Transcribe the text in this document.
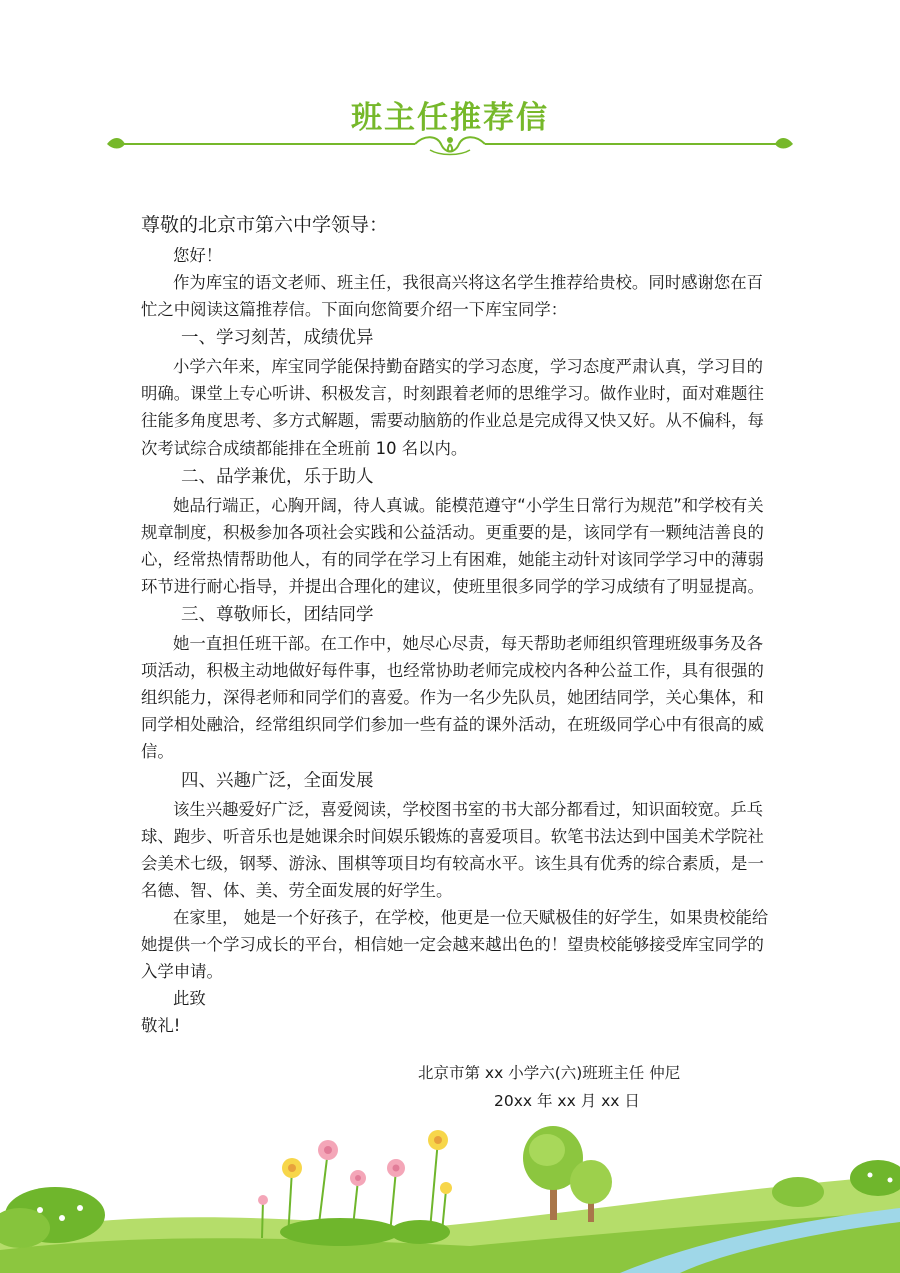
班主任推荐信

尊敬的北京市第六中学领导：

您好！

作为库宝的语文老师、班主任，我很高兴将这名学生推荐给贵校。同时感谢您在百忙之中阅读这篇推荐信。下面向您简要介绍一下库宝同学：

一、学习刻苦，成绩优异

小学六年来，库宝同学能保持勤奋踏实的学习态度，学习态度严肃认真，学习目的明确。课堂上专心听讲、积极发言，时刻跟着老师的思维学习。做作业时，面对难题往往能多角度思考、多方式解题，需要动脑筋的作业总是完成得又快又好。从不偏科，每次考试综合成绩都能排在全班前 10 名以内。

二、品学兼优，乐于助人

她品行端正，心胸开阔，待人真诚。能模范遵守“小学生日常行为规范”和学校有关规章制度，积极参加各项社会实践和公益活动。更重要的是，该同学有一颗纯洁善良的心，经常热情帮助他人，有的同学在学习上有困难，她能主动针对该同学学习中的薄弱环节进行耐心指导，并提出合理化的建议，使班里很多同学的学习成绩有了明显提高。

三、尊敬师长，团结同学

她一直担任班干部。在工作中，她尽心尽责，每天帮助老师组织管理班级事务及各项活动，积极主动地做好每件事，也经常协助老师完成校内各种公益工作，具有很强的组织能力，深得老师和同学们的喜爱。作为一名少先队员，她团结同学，关心集体，和同学相处融洽，经常组织同学们参加一些有益的课外活动，在班级同学心中有很高的威信。

四、兴趣广泛，全面发展

该生兴趣爱好广泛，喜爱阅读，学校图书室的书大部分都看过，知识面较宽。乒乓球、跑步、听音乐也是她课余时间娱乐锻炼的喜爱项目。软笔书法达到中国美术学院社会美术七级，钢琴、游泳、围棋等项目均有较高水平。该生具有优秀的综合素质，是一名德、智、体、美、劳全面发展的好学生。

在家里， 她是一个好孩子，在学校，他更是一位天赋极佳的好学生，如果贵校能给她提供一个学习成长的平台，相信她一定会越来越出色的！望贵校能够接受库宝同学的入学申请。

此致

敬礼!

北京市第 xx 小学六(六)班班主任 仲尼
20xx 年 xx 月 xx 日
